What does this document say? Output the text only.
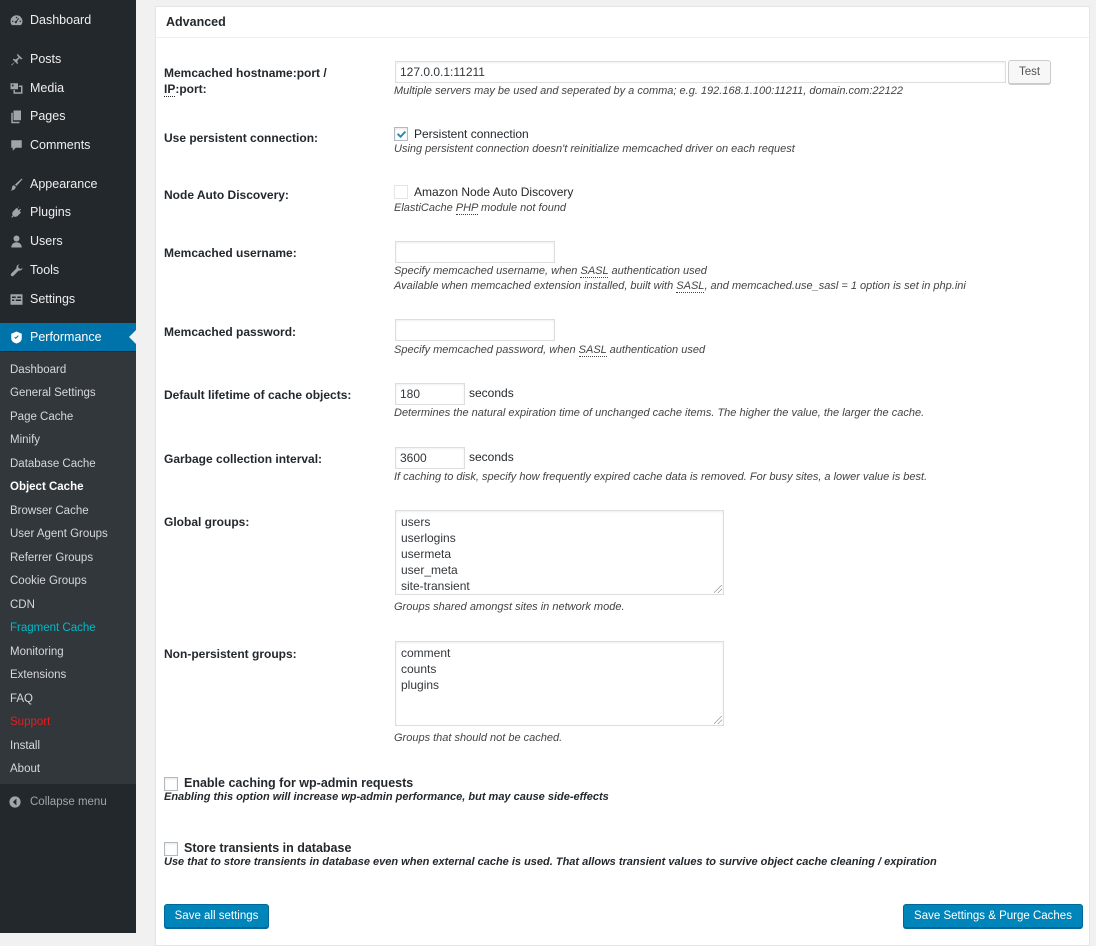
Dashboard
Posts
Media
Pages
Comments
Appearance
Plugins
Users
Tools
Settings
Performance
Dashboard
General Settings
Page Cache
Minify
Database Cache
Object Cache
Browser Cache
User Agent Groups
Referrer Groups
Cookie Groups
CDN
Fragment Cache
Monitoring
Extensions
FAQ
Support
Install
About
Collapse menu
Advanced
Memcached hostname:port /
IP:port:
127.0.0.1:11211	Test
Multiple servers may be used and seperated by a comma; e.g. 192.168.1.100:11211, domain.com:22122
Use persistent connection:	Persistent connection
Using persistent connection doesn't reinitialize memcached driver on each request
Node Auto Discovery:	Amazon Node Auto Discovery
ElastiCache PHP module not found
Memcached username:
Specify memcached username, when SASL authentication used
Available when memcached extension installed, built with SASL, and memcached.use_sasl = 1 option is set in php.ini
Memcached password:
Specify memcached password, when SASL authentication used
Default lifetime of cache objects:	180	seconds
Determines the natural expiration time of unchanged cache items. The higher the value, the larger the cache.
Garbage collection interval:	3600	seconds
If caching to disk, specify how frequently expired cache data is removed. For busy sites, a lower value is best.
Global groups:	users
userlogins
usermeta
user_meta
site-transient
Groups shared amongst sites in network mode.
Non-persistent groups:	comment
counts
plugins
Groups that should not be cached.
Enable caching for wp-admin requests
Enabling this option will increase wp-admin performance, but may cause side-effects
Store transients in database
Use that to store transients in database even when external cache is used. That allows transient values to survive object cache cleaning / expiration
Save all settings	Save Settings & Purge Caches
